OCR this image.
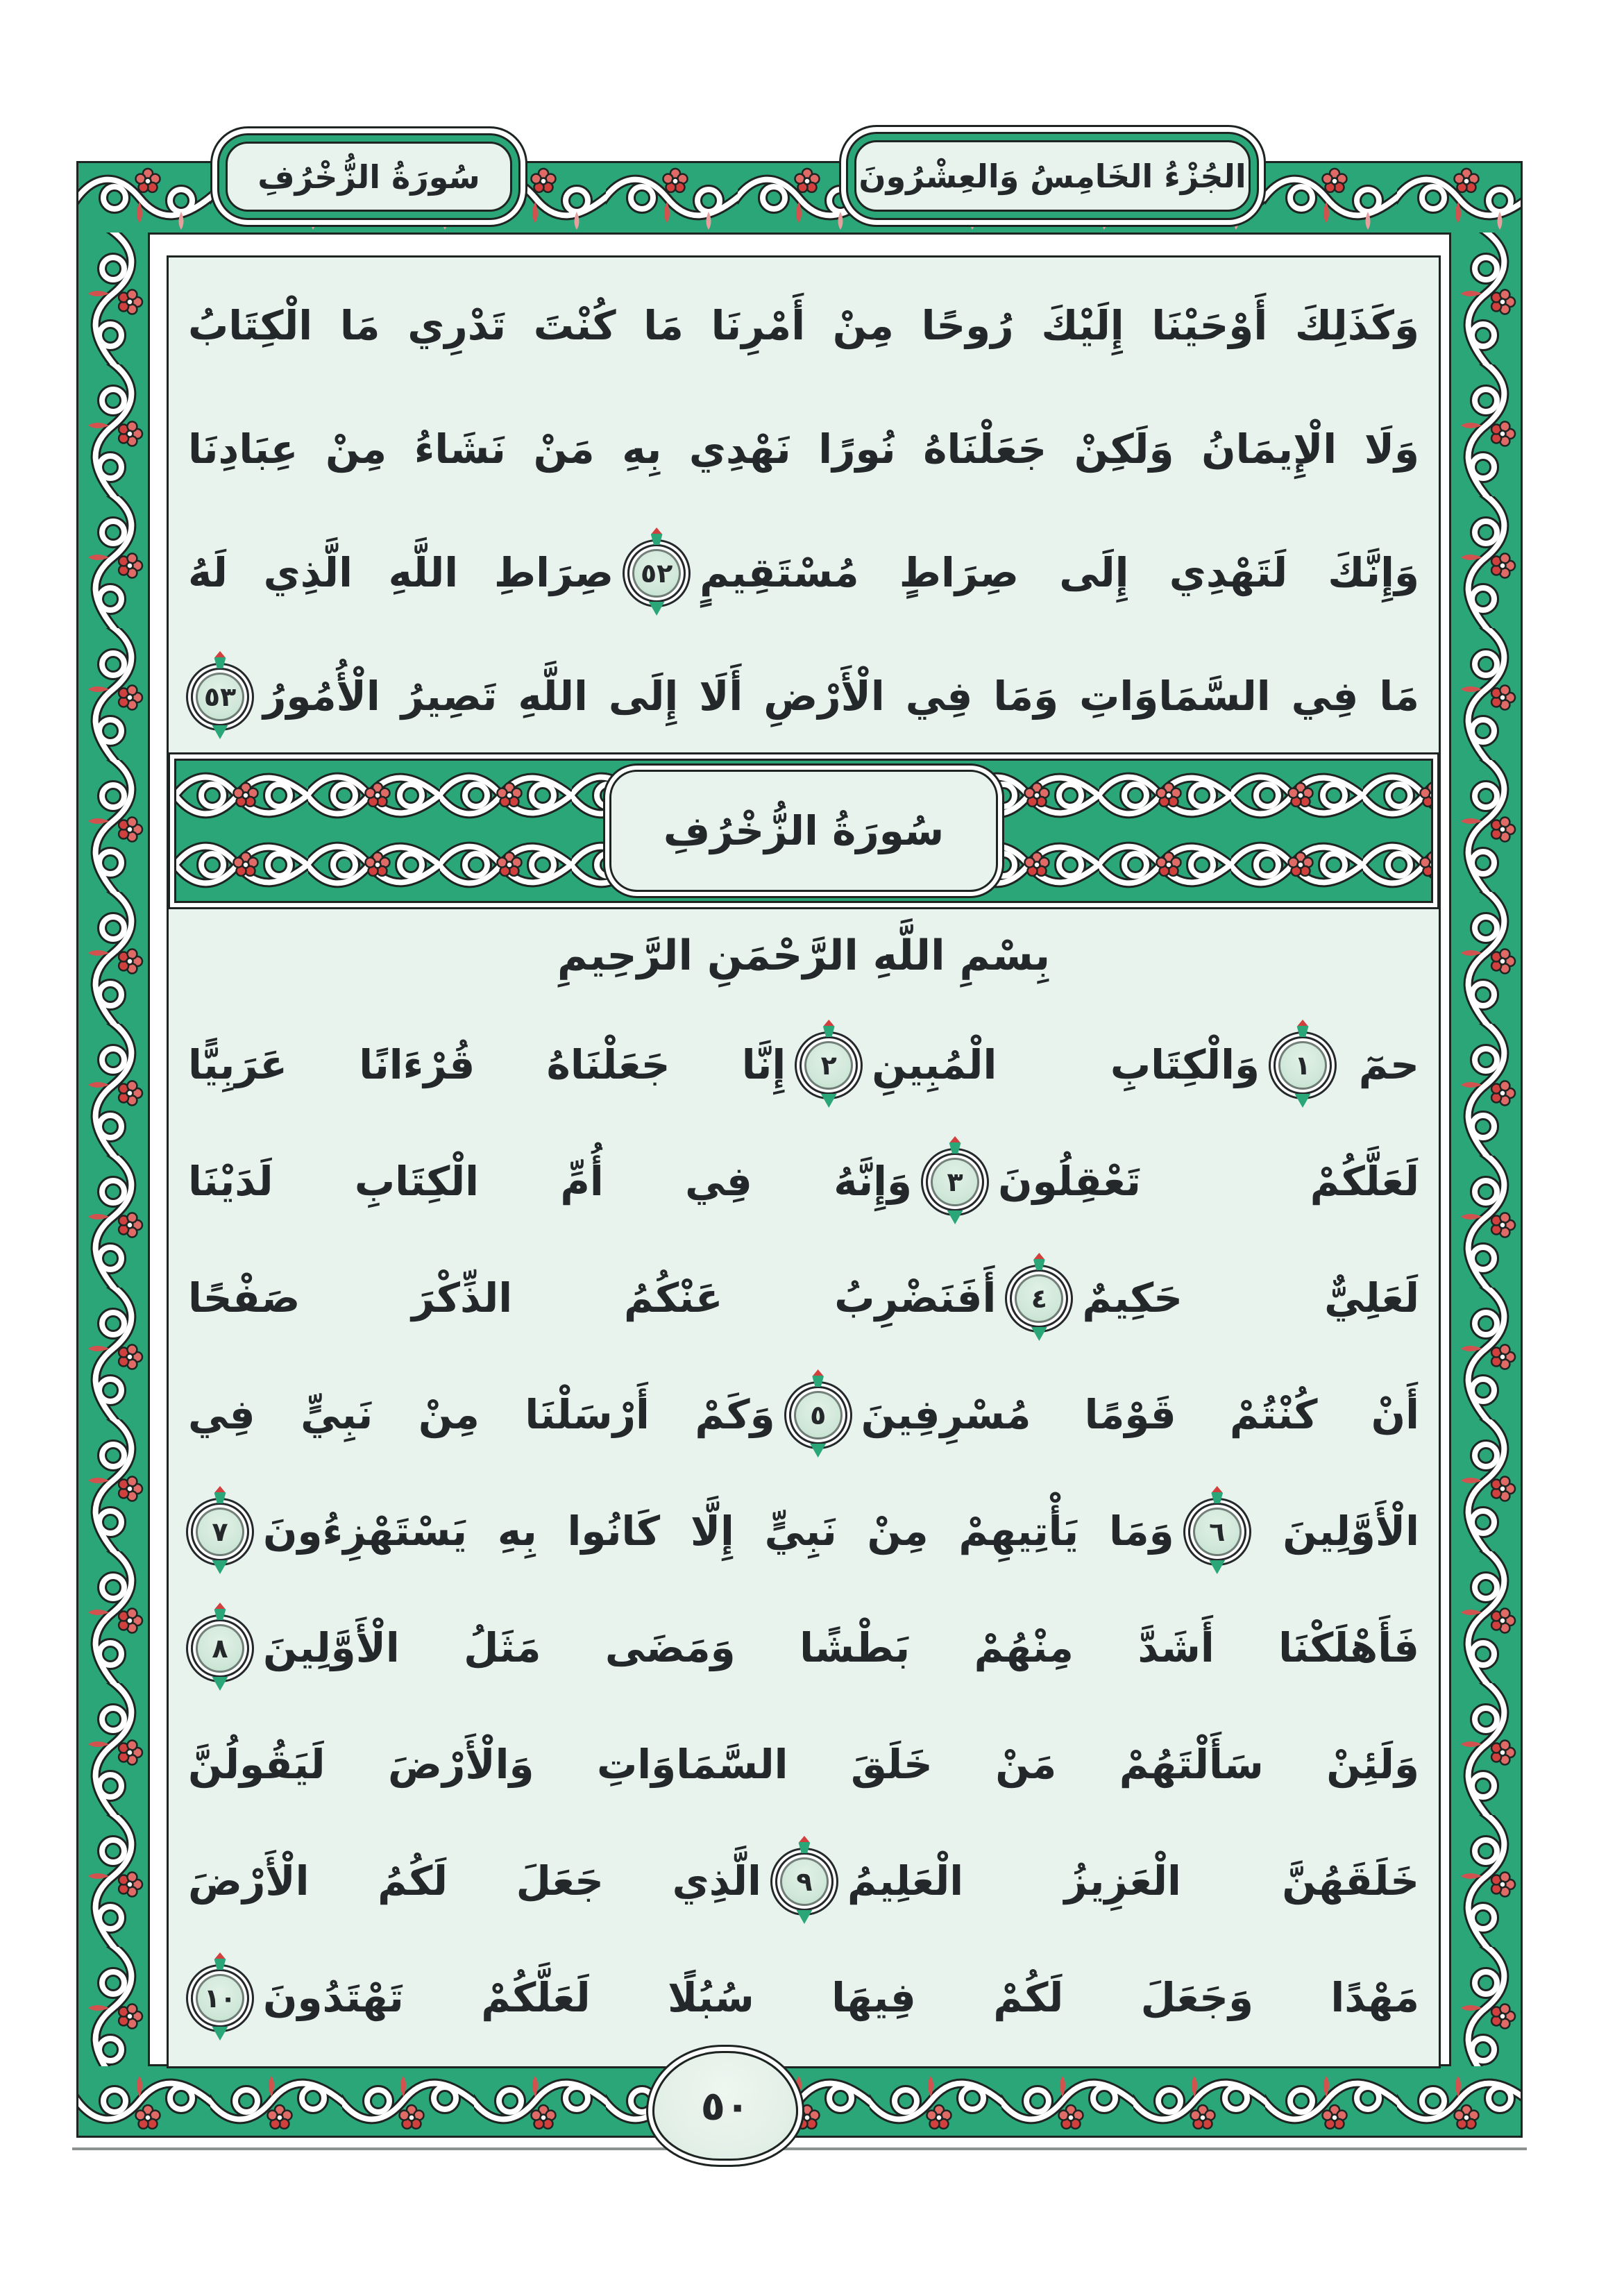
سُورَةُ الزُّخْرُفِ	الجُزْءُ الخَامِسُ وَالعِشْرُونَ
وَكَذَلِكَ أَوْحَيْنَا إِلَيْكَ رُوحًا مِنْ أَمْرِنَا مَا كُنْتَ تَدْرِي مَا الْكِتَابُ
وَلَا الْإِيمَانُ وَلَكِنْ جَعَلْنَاهُ نُورًا نَهْدِي بِهِ مَنْ نَشَاءُ مِنْ عِبَادِنَا
وَإِنَّكَ لَتَهْدِي إِلَى صِرَاطٍ مُسْتَقِيمٍ
٥٢
صِرَاطِ اللَّهِ الَّذِي لَهُ
مَا فِي السَّمَاوَاتِ وَمَا فِي الْأَرْضِ أَلَا إِلَى اللَّهِ تَصِيرُ الْأُمُورُ
٥٣
سُورَةُ الزُّخْرُفِ
بِسْمِ اللَّهِ الرَّحْمَنِ الرَّحِيمِ
حمٓ
١
وَالْكِتَابِ الْمُبِينِ
٢
إِنَّا جَعَلْنَاهُ قُرْءَانًا عَرَبِيًّا
لَعَلَّكُمْ تَعْقِلُونَ
٣
وَإِنَّهُ فِي أُمِّ الْكِتَابِ لَدَيْنَا
لَعَلِيٌّ حَكِيمٌ
٤
أَفَنَضْرِبُ عَنْكُمُ الذِّكْرَ صَفْحًا
أَنْ كُنْتُمْ قَوْمًا مُسْرِفِينَ
٥
وَكَمْ أَرْسَلْنَا مِنْ نَبِيٍّ فِي
الْأَوَّلِينَ
٦
وَمَا يَأْتِيهِمْ مِنْ نَبِيٍّ إِلَّا كَانُوا بِهِ يَسْتَهْزِءُونَ
٧
فَأَهْلَكْنَا أَشَدَّ مِنْهُمْ بَطْشًا وَمَضَى مَثَلُ الْأَوَّلِينَ
٨
وَلَئِنْ سَأَلْتَهُمْ مَنْ خَلَقَ السَّمَاوَاتِ وَالْأَرْضَ لَيَقُولُنَّ
خَلَقَهُنَّ الْعَزِيزُ الْعَلِيمُ
٩
الَّذِي جَعَلَ لَكُمُ الْأَرْضَ
مَهْدًا وَجَعَلَ لَكُمْ فِيهَا سُبُلًا لَعَلَّكُمْ تَهْتَدُونَ
١٠
٥٠
